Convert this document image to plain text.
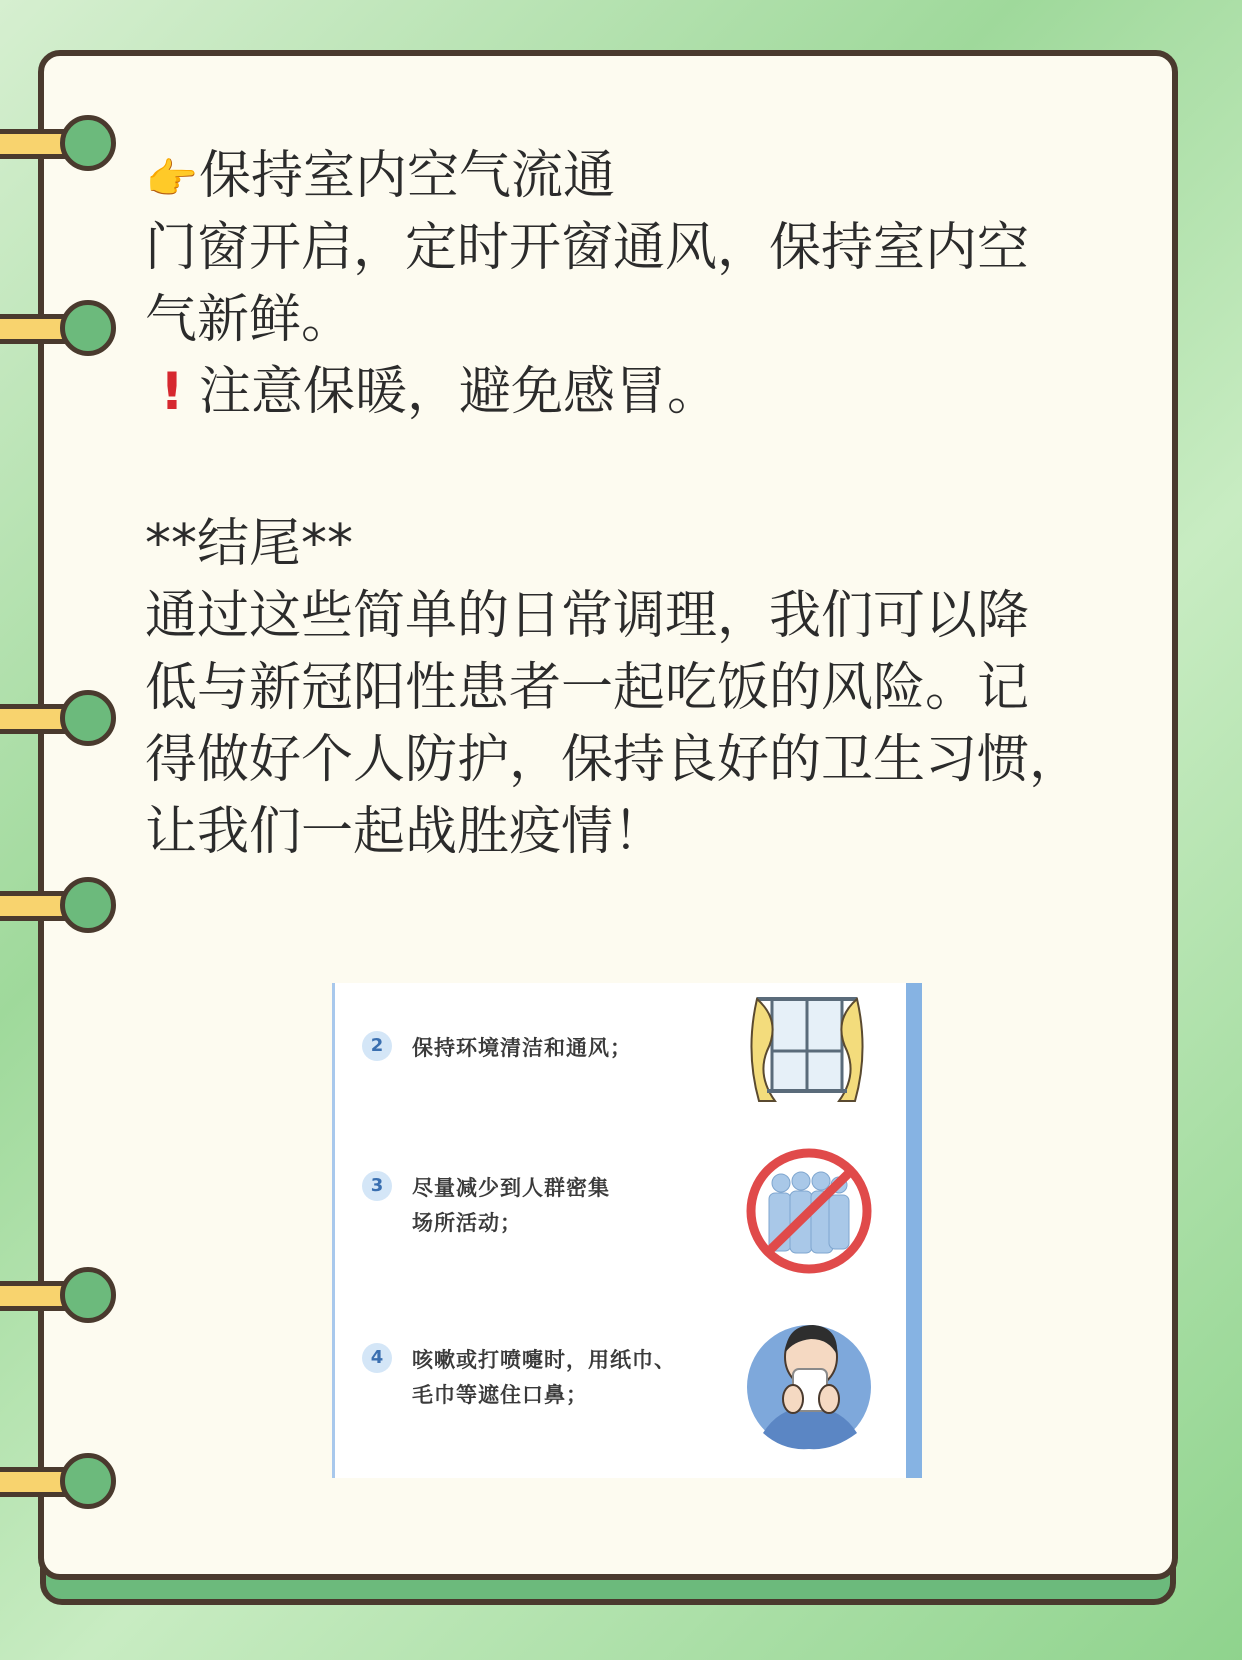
👉保持室内空气流通
门窗开启，定时开窗通风，保持室内空
气新鲜。
! 注意保暖，避免感冒。
**结尾**
通过这些简单的日常调理，我们可以降
低与新冠阳性患者一起吃饭的风险。记
得做好个人防护，保持良好的卫生习惯，
让我们一起战胜疫情！
2	保持环境清洁和通风；
3	尽量减少到人群密集
场所活动；
4	咳嗽或打喷嚏时，用纸巾、
毛巾等遮住口鼻；
